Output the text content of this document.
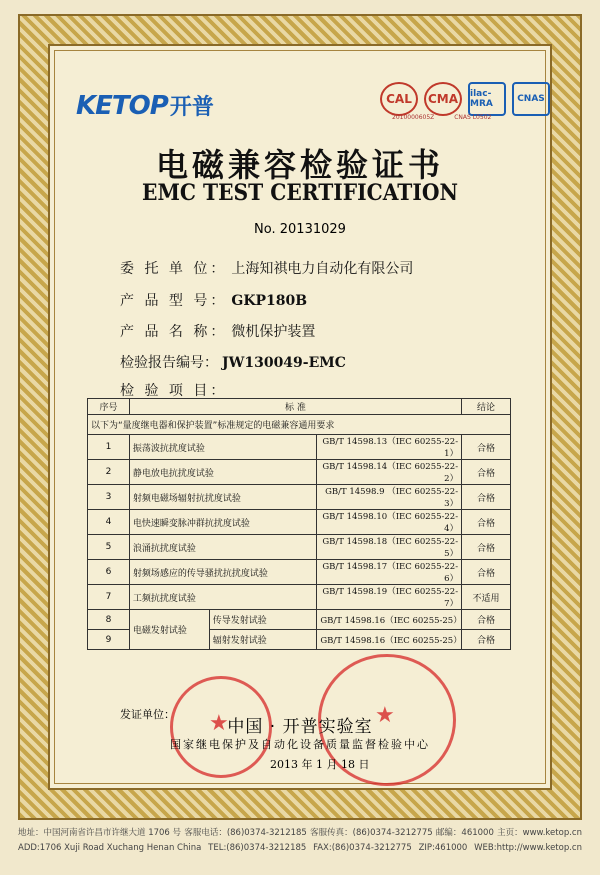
KETOP开普	CAL	CMA	ilac-MRA	CNAS
2010000605Z	CNAS L0502
电磁兼容检验证书
EMC TEST CERTIFICATION
No. 20131029
委 托 单 位： 上海知祺电力自动化有限公司
产 品 型 号： GKP180B
产 品 名 称： 微机保护装置
检验报告编号： JW130049-EMC
检 验 项 目：
序号	标 准			结论
以下为“量度继电器和保护装置”标准规定的电磁兼容通用要求				
1	振荡波抗扰度试验		GB/T 14598.13（IEC 60255-22-1）	合格
2	静电放电抗扰度试验		GB/T 14598.14（IEC 60255-22-2）	合格
3	射频电磁场辐射抗扰度试验		GB/T 14598.9 （IEC 60255-22-3）	合格
4	电快速瞬变脉冲群抗扰度试验		GB/T 14598.10（IEC 60255-22-4）	合格
5	浪涌抗扰度试验		GB/T 14598.18（IEC 60255-22-5）	合格
6	射频场感应的传导骚扰抗扰度试验		GB/T 14598.17（IEC 60255-22-6）	合格
7	工频抗扰度试验		GB/T 14598.19（IEC 60255-22-7）	不适用
8	电磁发射试验	传导发射试验	GB/T 14598.16（IEC 60255-25）	合格
9		辐射发射试验	GB/T 14598.16（IEC 60255-25）	合格
★	★
发证单位：
中国 · 开普实验室
国家继电保护及自动化设备质量监督检验中心
2013 年 1 月 18 日
地址：中国河南省许昌市许继大道 1706 号 客服电话：(86)0374-3212185 客服传真：(86)0374-3212775 邮编：461000 主页：www.ketop.cn
ADD:1706 Xuji Road Xuchang Henan China TEL:(86)0374-3212185 FAX:(86)0374-3212775 ZIP:461000 WEB:http://www.ketop.cn
